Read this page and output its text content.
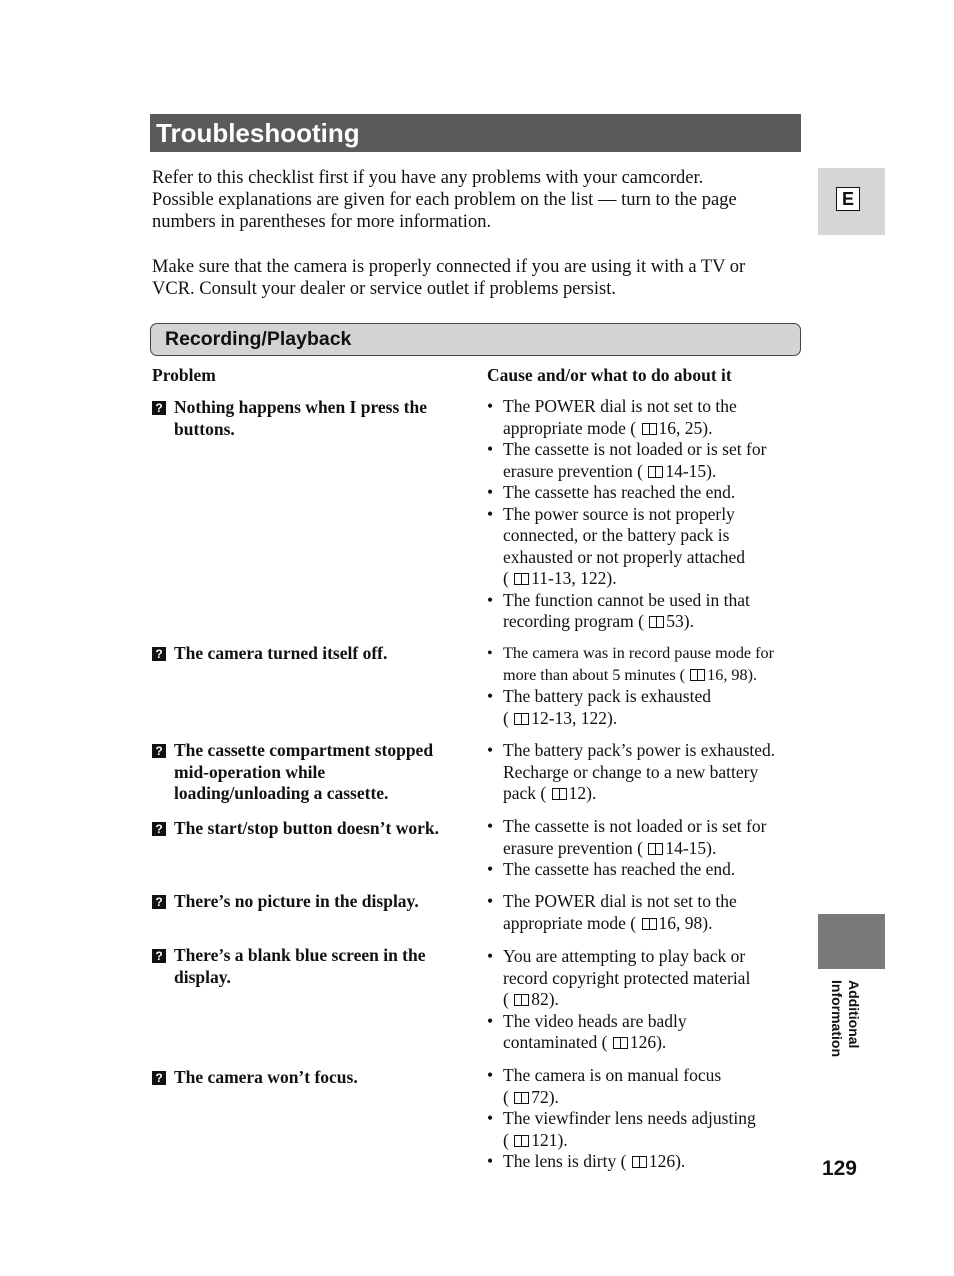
Troubleshooting

Refer to this checklist first if you have any problems with your camcorder.
Possible explanations are given for each problem on the list — turn to the page
numbers in parentheses for more information.

Make sure that the camera is properly connected if you are using it with a TV or
VCR. Consult your dealer or service outlet if problems persist.

Recording/Playback
Problem	Cause and/or what to do about it
? Nothing happens when I press the
buttons.
• The POWER dial is not set to the
appropriate mode ( 16, 25).
• The cassette is not loaded or is set for
erasure prevention ( 14-15).
• The cassette has reached the end.
• The power source is not properly
connected, or the battery pack is
exhausted or not properly attached
( 11-13, 122).
• The function cannot be used in that
recording program ( 53).
? The camera turned itself off.	• The camera was in record pause mode for
more than about 5 minutes ( 16, 98).
• The battery pack is exhausted
( 12-13, 122).
? The cassette compartment stopped
mid-operation while
loading/unloading a cassette.
• The battery pack’s power is exhausted.
Recharge or change to a new battery
pack ( 12).
? The start/stop button doesn’t work.	• The cassette is not loaded or is set for
erasure prevention ( 14-15).
• The cassette has reached the end.
? There’s no picture in the display.	• The POWER dial is not set to the
appropriate mode ( 16, 98).
? There’s a blank blue screen in the
display.
• You are attempting to play back or
record copyright protected material
( 82).
• The video heads are badly
contaminated ( 126).
? The camera won’t focus.	• The camera is on manual focus
( 72).
• The viewfinder lens needs adjusting
( 121).
• The lens is dirty ( 126).
E
Additional
Information
129
